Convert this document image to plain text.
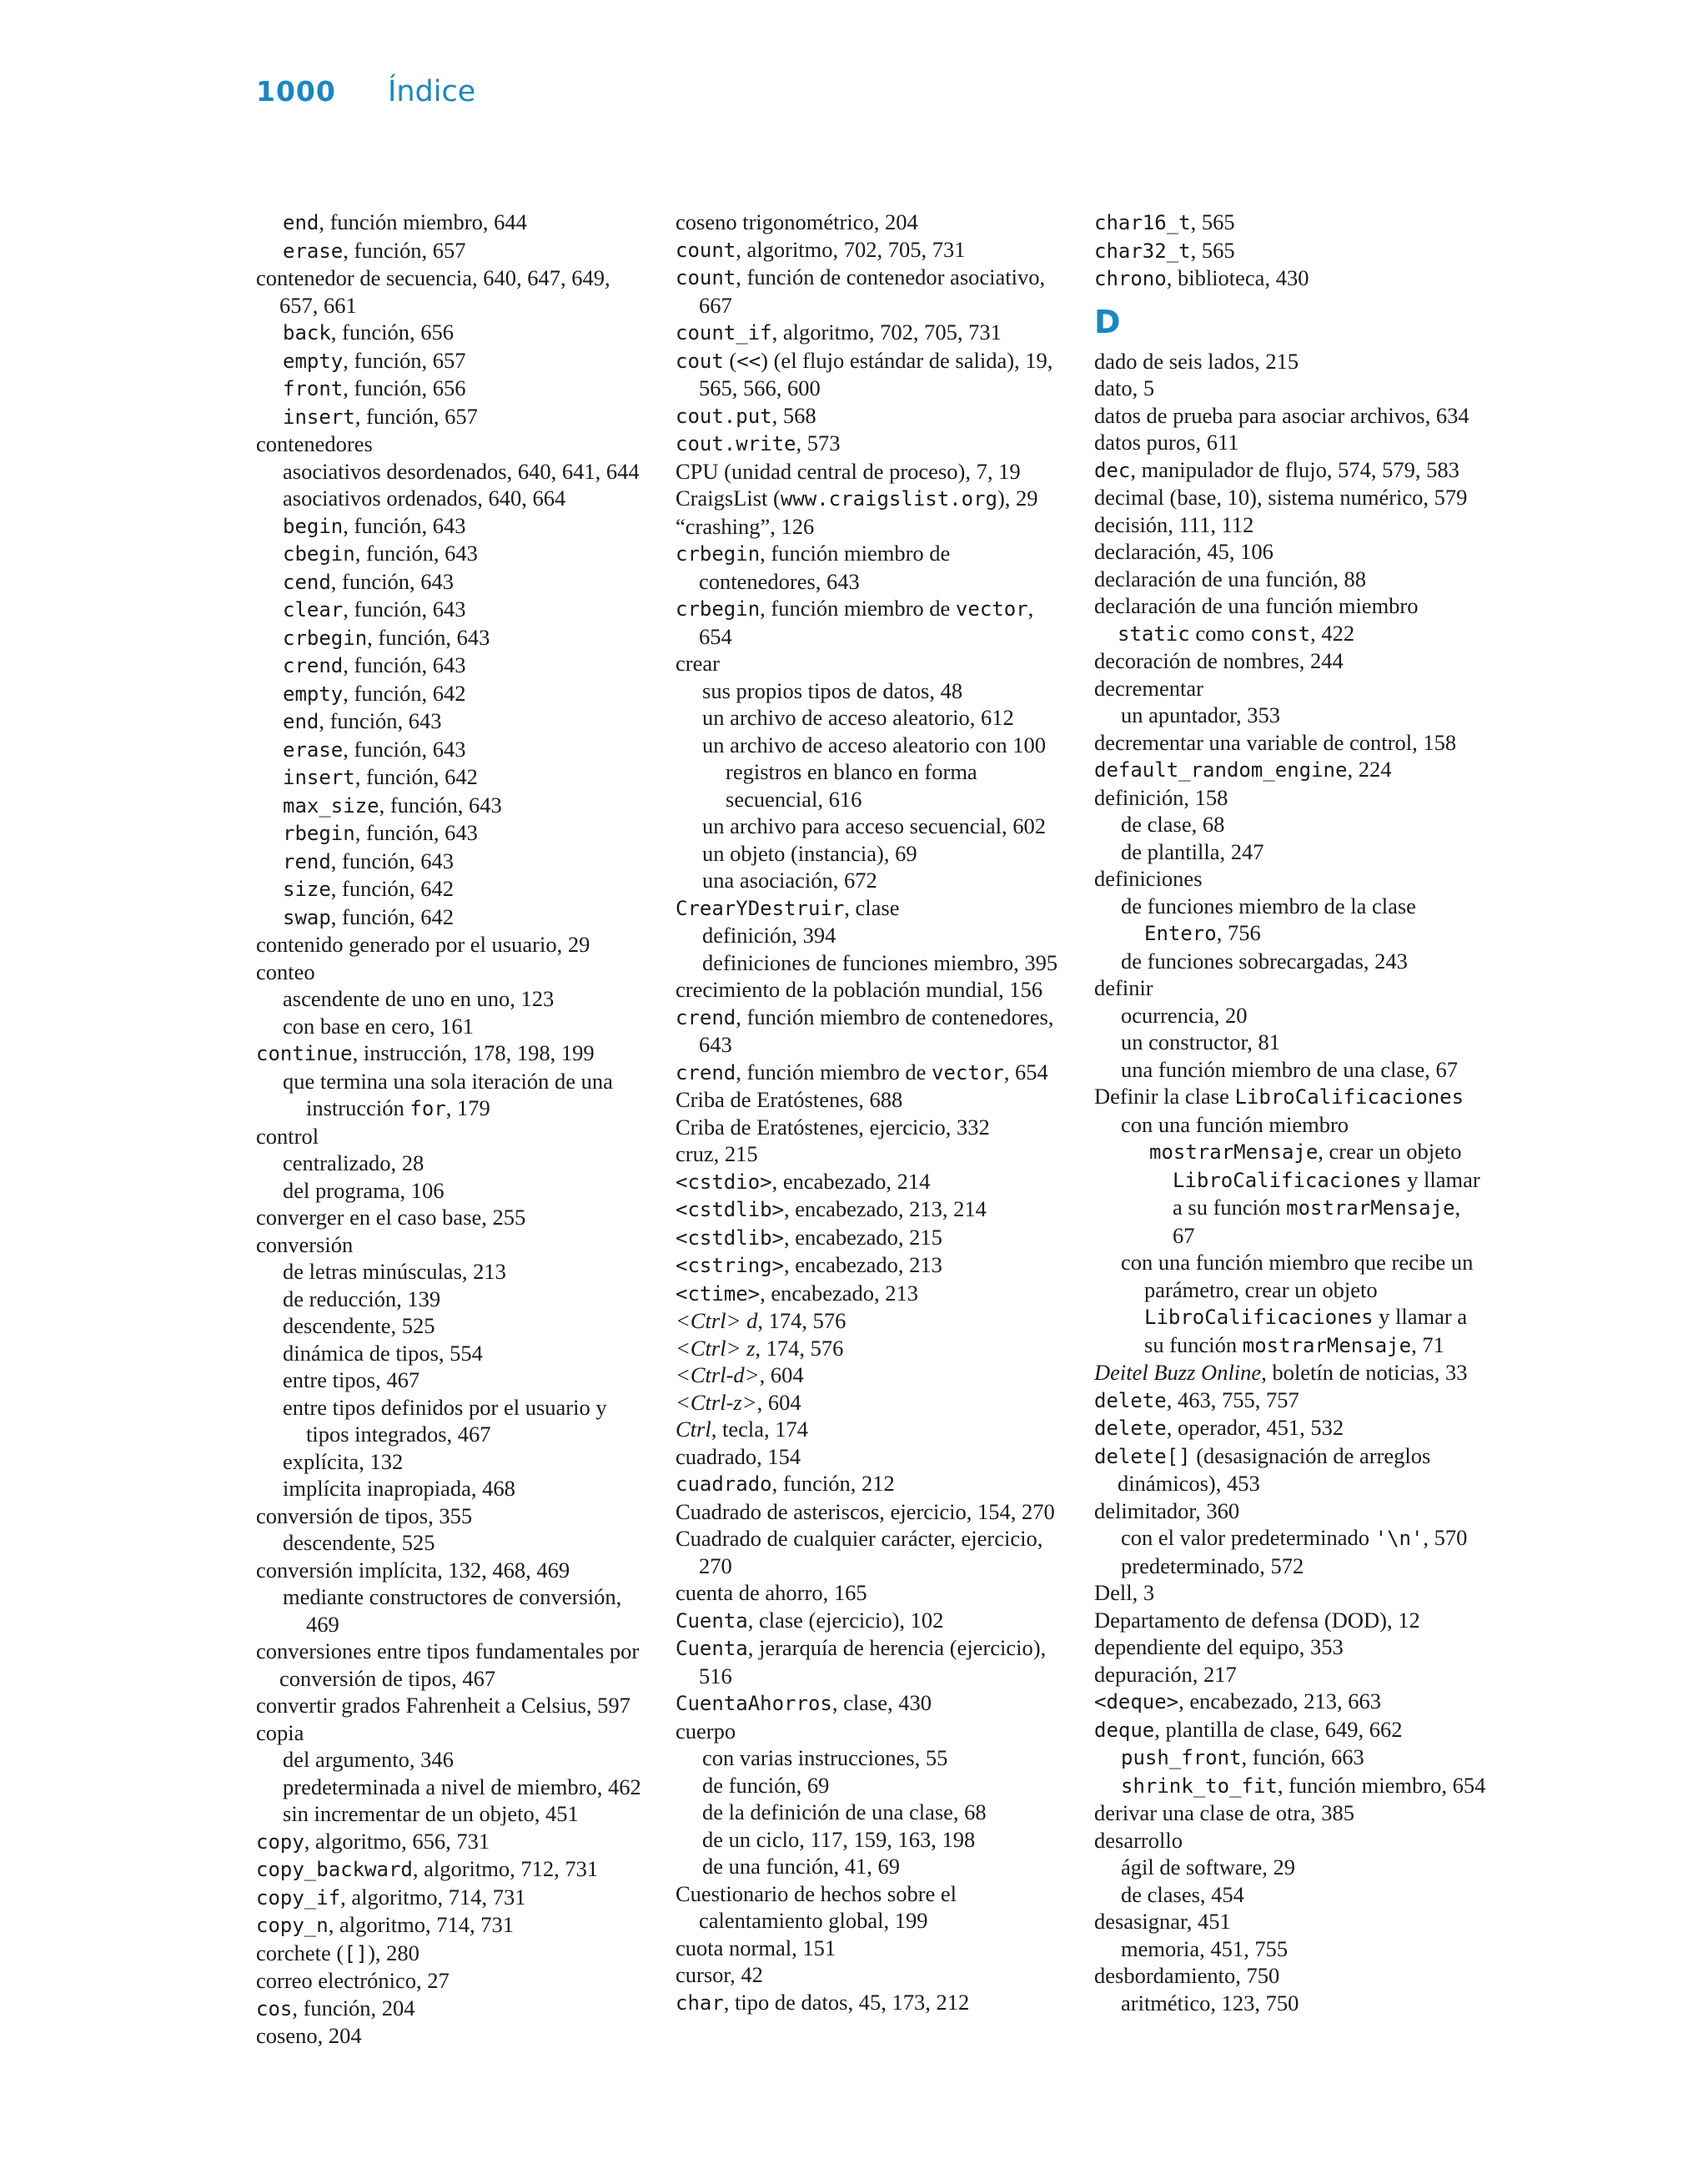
1000	Índice
end, función miembro, 644
erase, función, 657
contenedor de secuencia, 640, 647, 649, 657, 661
back, función, 656
empty, función, 657
front, función, 656
insert, función, 657
contenedores
asociativos desordenados, 640, 641, 644
asociativos ordenados, 640, 664
begin, función, 643
cbegin, función, 643
cend, función, 643
clear, función, 643
crbegin, función, 643
crend, función, 643
empty, función, 642
end, función, 643
erase, función, 643
insert, función, 642
max_size, función, 643
rbegin, función, 643
rend, función, 643
size, función, 642
swap, función, 642
contenido generado por el usuario, 29
conteo
ascendente de uno en uno, 123
con base en cero, 161
continue, instrucción, 178, 198, 199
que termina una sola iteración de una instrucción for, 179
control
centralizado, 28
del programa, 106
converger en el caso base, 255
conversión
de letras minúsculas, 213
de reducción, 139
descendente, 525
dinámica de tipos, 554
entre tipos, 467
entre tipos definidos por el usuario y tipos integrados, 467
explícita, 132
implícita inapropiada, 468
conversión de tipos, 355
descendente, 525
conversión implícita, 132, 468, 469
mediante constructores de conversión, 469
conversiones entre tipos fundamentales por conversión de tipos, 467
convertir grados Fahrenheit a Celsius, 597
copia
del argumento, 346
predeterminada a nivel de miembro, 462
sin incrementar de un objeto, 451
copy, algoritmo, 656, 731
copy_backward, algoritmo, 712, 731
copy_if, algoritmo, 714, 731
copy_n, algoritmo, 714, 731
corchete ([]), 280
correo electrónico, 27
cos, función, 204
coseno, 204
coseno trigonométrico, 204
count, algoritmo, 702, 705, 731
count, función de contenedor asociativo, 667
count_if, algoritmo, 702, 705, 731
cout (<<) (el flujo estándar de salida), 19, 565, 566, 600
cout.put, 568
cout.write, 573
CPU (unidad central de proceso), 7, 19
CraigsList (www.craigslist.org), 29
“crashing”, 126
crbegin, función miembro de contenedores, 643
crbegin, función miembro de vector, 654
crear
sus propios tipos de datos, 48
un archivo de acceso aleatorio, 612
un archivo de acceso aleatorio con 100 registros en blanco en forma secuencial, 616
un archivo para acceso secuencial, 602
un objeto (instancia), 69
una asociación, 672
CrearYDestruir, clase
definición, 394
definiciones de funciones miembro, 395
crecimiento de la población mundial, 156
crend, función miembro de contenedores, 643
crend, función miembro de vector, 654
Criba de Eratóstenes, 688
Criba de Eratóstenes, ejercicio, 332
cruz, 215
<cstdio>, encabezado, 214
<cstdlib>, encabezado, 213, 214
<cstdlib>, encabezado, 215
<cstring>, encabezado, 213
<ctime>, encabezado, 213
<Ctrl> d, 174, 576
<Ctrl> z, 174, 576
<Ctrl-d>, 604
<Ctrl-z>, 604
Ctrl, tecla, 174
cuadrado, 154
cuadrado, función, 212
Cuadrado de asteriscos, ejercicio, 154, 270
Cuadrado de cualquier carácter, ejercicio, 270
cuenta de ahorro, 165
Cuenta, clase (ejercicio), 102
Cuenta, jerarquía de herencia (ejercicio), 516
CuentaAhorros, clase, 430
cuerpo
con varias instrucciones, 55
de función, 69
de la definición de una clase, 68
de un ciclo, 117, 159, 163, 198
de una función, 41, 69
Cuestionario de hechos sobre el calentamiento global, 199
cuota normal, 151
cursor, 42
char, tipo de datos, 45, 173, 212
char16_t, 565
char32_t, 565
chrono, biblioteca, 430
D
dado de seis lados, 215
dato, 5
datos de prueba para asociar archivos, 634
datos puros, 611
dec, manipulador de flujo, 574, 579, 583
decimal (base, 10), sistema numérico, 579
decisión, 111, 112
declaración, 45, 106
declaración de una función, 88
declaración de una función miembro static como const, 422
decoración de nombres, 244
decrementar
un apuntador, 353
decrementar una variable de control, 158
default_random_engine, 224
definición, 158
de clase, 68
de plantilla, 247
definiciones
de funciones miembro de la clase Entero, 756
de funciones sobrecargadas, 243
definir
ocurrencia, 20
un constructor, 81
una función miembro de una clase, 67
Definir la clase LibroCalificaciones
con una función miembro
mostrarMensaje, crear un objeto LibroCalificaciones y llamar a su función mostrarMensaje, 67
con una función miembro que recibe un parámetro, crear un objeto LibroCalificaciones y llamar a su función mostrarMensaje, 71
Deitel Buzz Online, boletín de noticias, 33
delete, 463, 755, 757
delete, operador, 451, 532
delete[] (desasignación de arreglos dinámicos), 453
delimitador, 360
con el valor predeterminado '\n', 570
predeterminado, 572
Dell, 3
Departamento de defensa (DOD), 12
dependiente del equipo, 353
depuración, 217
<deque>, encabezado, 213, 663
deque, plantilla de clase, 649, 662
push_front, función, 663
shrink_to_fit, función miembro, 654
derivar una clase de otra, 385
desarrollo
ágil de software, 29
de clases, 454
desasignar, 451
memoria, 451, 755
desbordamiento, 750
aritmético, 123, 750
